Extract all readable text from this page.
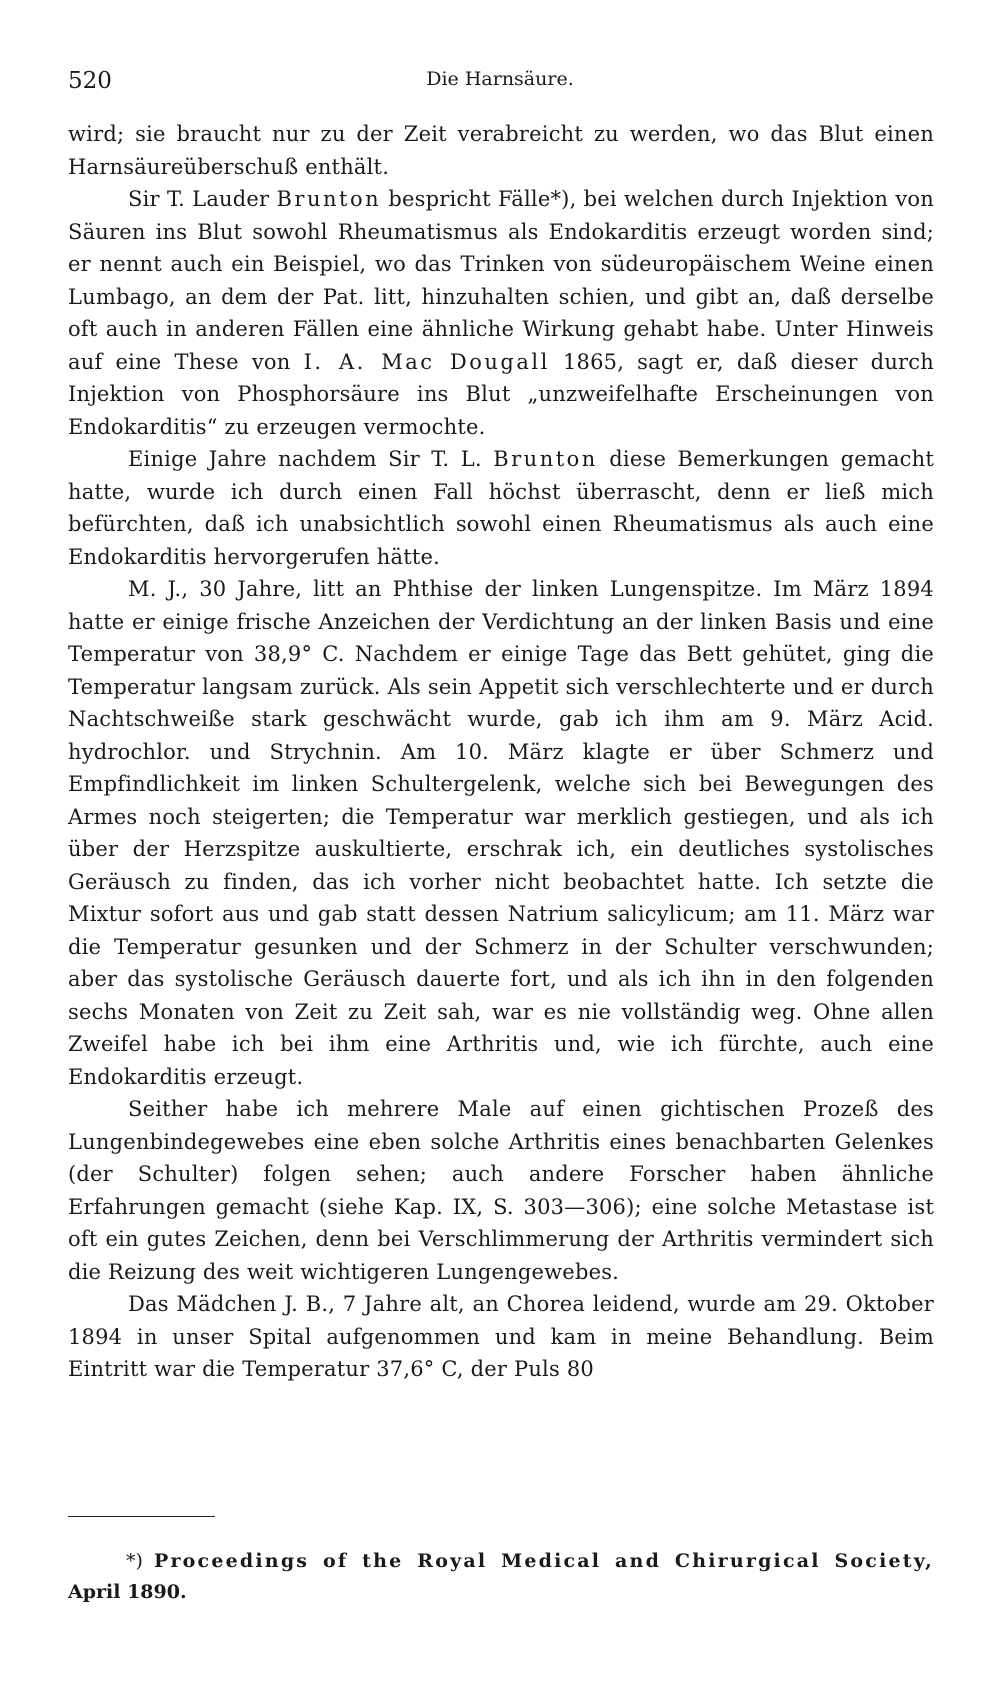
520	Die Harnsäure.

wird; sie braucht nur zu der Zeit verabreicht zu werden, wo das Blut einen Harnsäureüberschuß enthält.

Sir T. Lauder Brunton bespricht Fälle*), bei welchen durch Injektion von Säuren ins Blut sowohl Rheumatismus als Endokarditis erzeugt worden sind; er nennt auch ein Beispiel, wo das Trinken von südeuropäischem Weine einen Lumbago, an dem der Pat. litt, hinzuhalten schien, und gibt an, daß derselbe oft auch in anderen Fällen eine ähnliche Wirkung gehabt habe. Unter Hinweis auf eine These von I. A. Mac Dougall 1865, sagt er, daß dieser durch Injektion von Phosphorsäure ins Blut „unzweifelhafte Erscheinungen von Endokarditis“ zu erzeugen vermochte.

Einige Jahre nachdem Sir T. L. Brunton diese Bemerkungen gemacht hatte, wurde ich durch einen Fall höchst überrascht, denn er ließ mich befürchten, daß ich unabsichtlich sowohl einen Rheumatismus als auch eine Endokarditis hervorgerufen hätte.

M. J., 30 Jahre, litt an Phthise der linken Lungenspitze. Im März 1894 hatte er einige frische Anzeichen der Verdichtung an der linken Basis und eine Temperatur von 38,9° C. Nachdem er einige Tage das Bett gehütet, ging die Temperatur langsam zurück. Als sein Appetit sich verschlechterte und er durch Nachtschweiße stark geschwächt wurde, gab ich ihm am 9. März Acid. hydrochlor. und Strychnin. Am 10. März klagte er über Schmerz und Empfindlichkeit im linken Schultergelenk, welche sich bei Bewegungen des Armes noch steigerten; die Temperatur war merklich gestiegen, und als ich über der Herzspitze auskultierte, erschrak ich, ein deutliches systolisches Geräusch zu finden, das ich vorher nicht beobachtet hatte. Ich setzte die Mixtur sofort aus und gab statt dessen Natrium salicylicum; am 11. März war die Temperatur gesunken und der Schmerz in der Schulter verschwunden; aber das systolische Geräusch dauerte fort, und als ich ihn in den folgenden sechs Monaten von Zeit zu Zeit sah, war es nie vollständig weg. Ohne allen Zweifel habe ich bei ihm eine Arthritis und, wie ich fürchte, auch eine Endokarditis erzeugt.

Seither habe ich mehrere Male auf einen gichtischen Prozeß des Lungenbindegewebes eine eben solche Arthritis eines benachbarten Gelenkes (der Schulter) folgen sehen; auch andere Forscher haben ähnliche Erfahrungen gemacht (siehe Kap. IX, S. 303—306); eine solche Metastase ist oft ein gutes Zeichen, denn bei Verschlimmerung der Arthritis vermindert sich die Reizung des weit wichtigeren Lungengewebes.

Das Mädchen J. B., 7 Jahre alt, an Chorea leidend, wurde am 29. Oktober 1894 in unser Spital aufgenommen und kam in meine Behandlung. Beim Eintritt war die Temperatur 37,6° C, der Puls 80

*) Proceedings of the Royal Medical and Chirurgical Society, April 1890.
